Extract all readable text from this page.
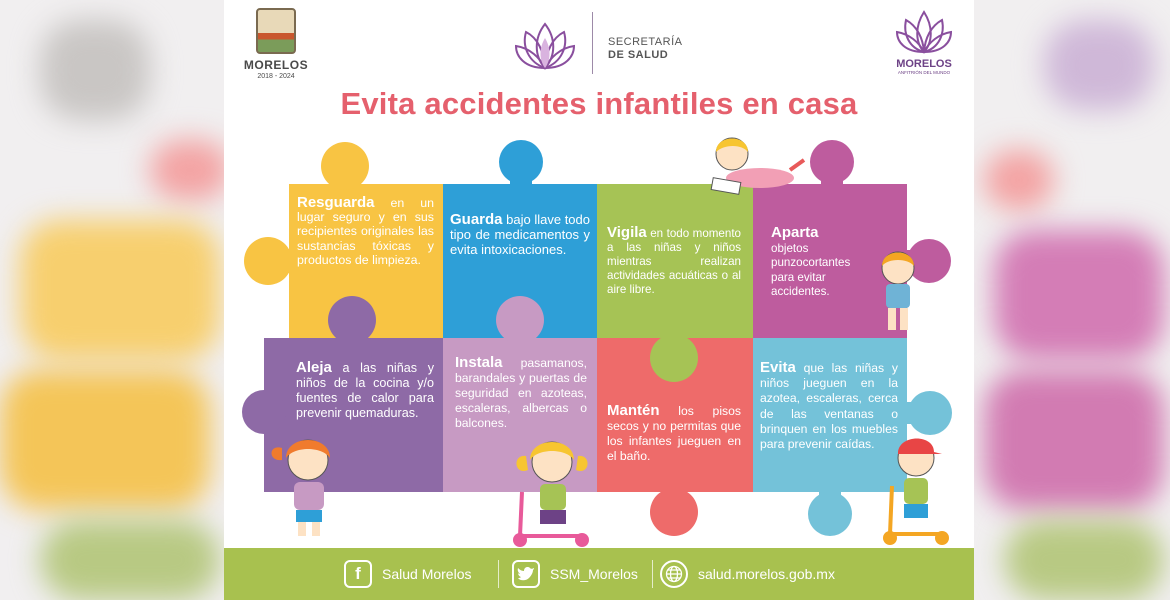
MORELOS
2018 - 2024
SECRETARÍA
DE SALUD
MORELOS
ANFITRIÓN DEL MUNDO
Evita accidentes infantiles en casa
Resguarda en un lugar seguro y en sus recipientes originales las sustancias tóxicas y productos de limpieza.
Guarda bajo llave todo tipo de medicamentos y evita intoxicaciones.
Vigila en todo momento a las niñas y niños mientras realizan actividades acuáticas o al aire libre.
Aparta objetos punzocortantes para evitar accidentes.
Aleja a las niñas y niños de la cocina y/o fuentes de calor para prevenir quemaduras.
Instala pasamanos, barandales y puertas de seguridad en azoteas, escaleras, albercas o balcones.
Mantén los pisos secos y no permitas que los infantes jueguen en el baño.
Evita que las niñas y niños jueguen en la azotea, escaleras, cerca de las ventanas o brinquen en los muebles para prevenir caídas.
f	Salud Morelos	SSM_Morelos	salud.morelos.gob.mx
